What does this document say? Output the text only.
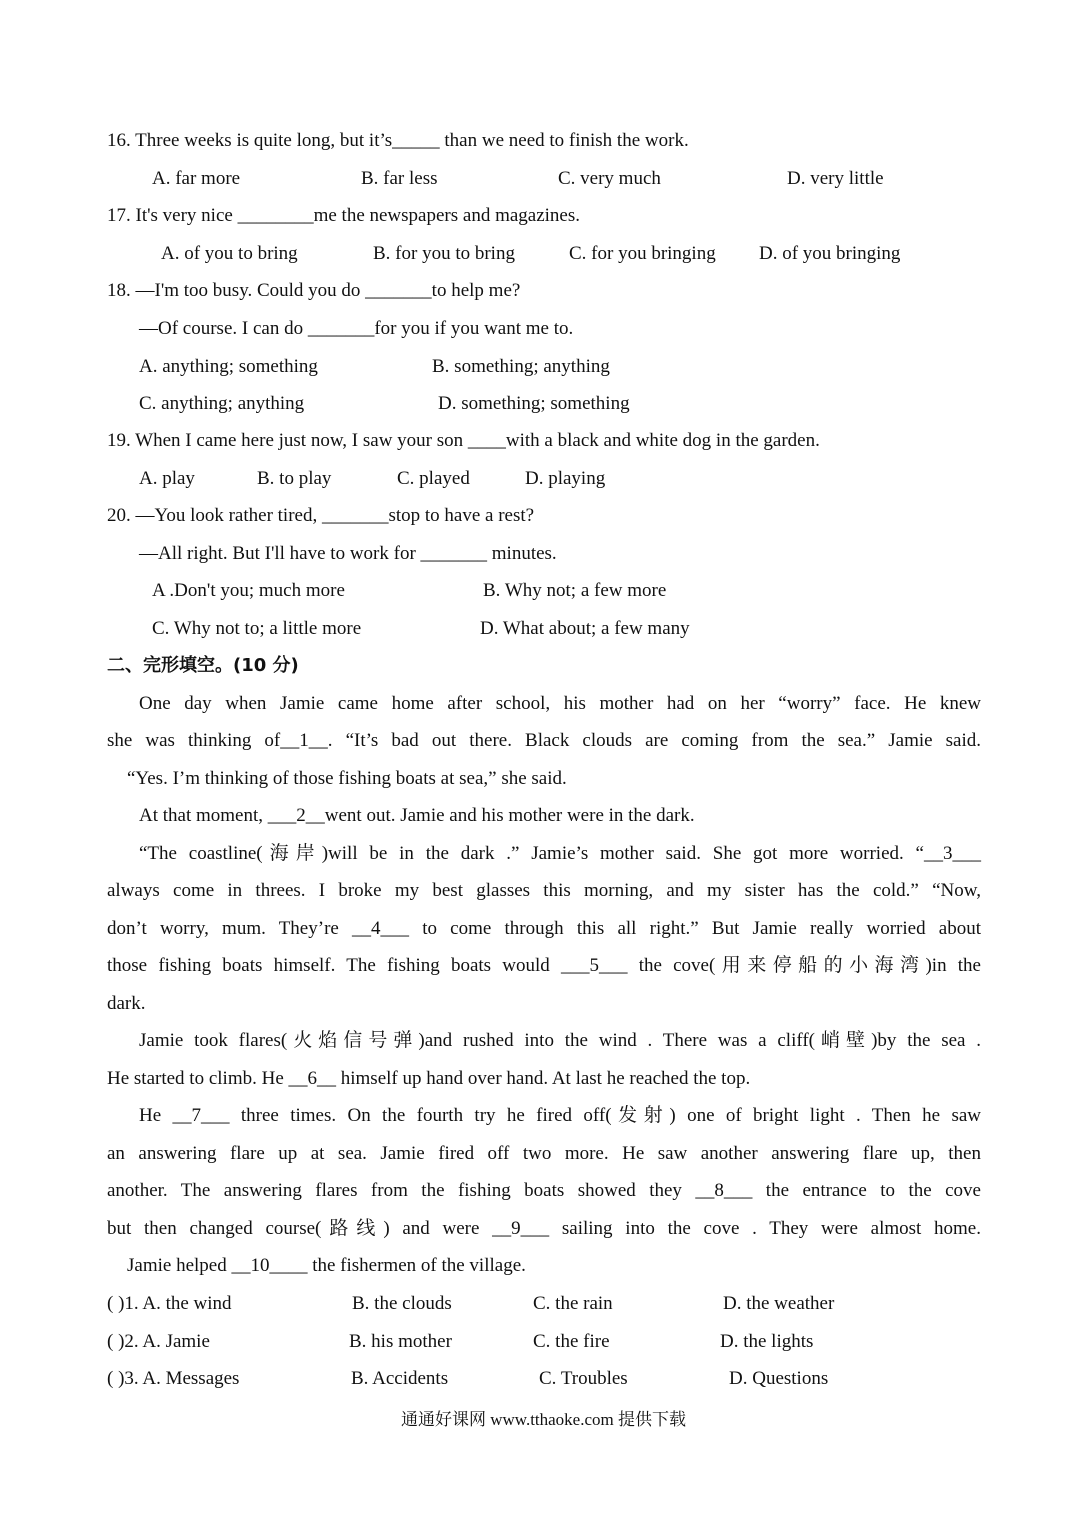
16. Three weeks is quite long, but it’s_____ than we need to finish the work.
A. far more	B. far less	C. very much	D. very little
17. It's very nice ________me the newspapers and magazines.
A. of you to bring	B. for you to bring	C. for you bringing D. of you bringing
18. —I'm too busy. Could you do _______to help me?
—Of course. I can do _______for you if you want me to.
A. anything; something	B. something; anything
C. anything; anything	D. something; something
19. When I came here just now, I saw your son ____with a black and white dog in the garden.
A. play	B. to play	C. played	D. playing
20. —You look rather tired, _______stop to have a rest?
—All right. But I'll have to work for _______ minutes.
A .Don't you; much more	B. Why not; a few more
C. Why not to; a little more	D. What about; a few many
二、完形填空。(10 分)
One day when Jamie came home after school, his mother had on her “worry” face. He knew
she was thinking of__1__. “It’s bad out there. Black clouds are coming from the sea.” Jamie said.
“Yes. I’m thinking of those fishing boats at sea,” she said.
At that moment, ___2__went out. Jamie and his mother were in the dark.
“The coastline(海岸)will be in the dark .” Jamie’s mother said. She got more worried. “__3___
always come in threes. I broke my best glasses this morning, and my sister has the cold.” “Now,
don’t worry, mum. They’re __4___ to come through this all right.” But Jamie really worried about
those fishing boats himself. The fishing boats would ___5___ the cove(用来停船的小海湾)in the
dark.
Jamie took flares(火焰信号弹)and rushed into the wind . There was a cliff(峭壁)by the sea .
He started to climb. He __6__ himself up hand over hand. At last he reached the top.
He __7___ three times. On the fourth try he fired off(发射) one of bright light . Then he saw
an answering flare up at sea. Jamie fired off two more. He saw another answering flare up, then
another. The answering flares from the fishing boats showed they __8___ the entrance to the cove
but then changed course(路线) and were __9___ sailing into the cove . They were almost home.
Jamie helped __10____ the fishermen of the village.
( )1. A. the wind	B. the clouds	C. the rain	D. the weather
( )2. A. Jamie	B. his mother	C. the fire	D. the lights
( )3. A. Messages	B. Accidents	C. Troubles	D. Questions
通通好课网 www.tthaoke.com 提供下载
